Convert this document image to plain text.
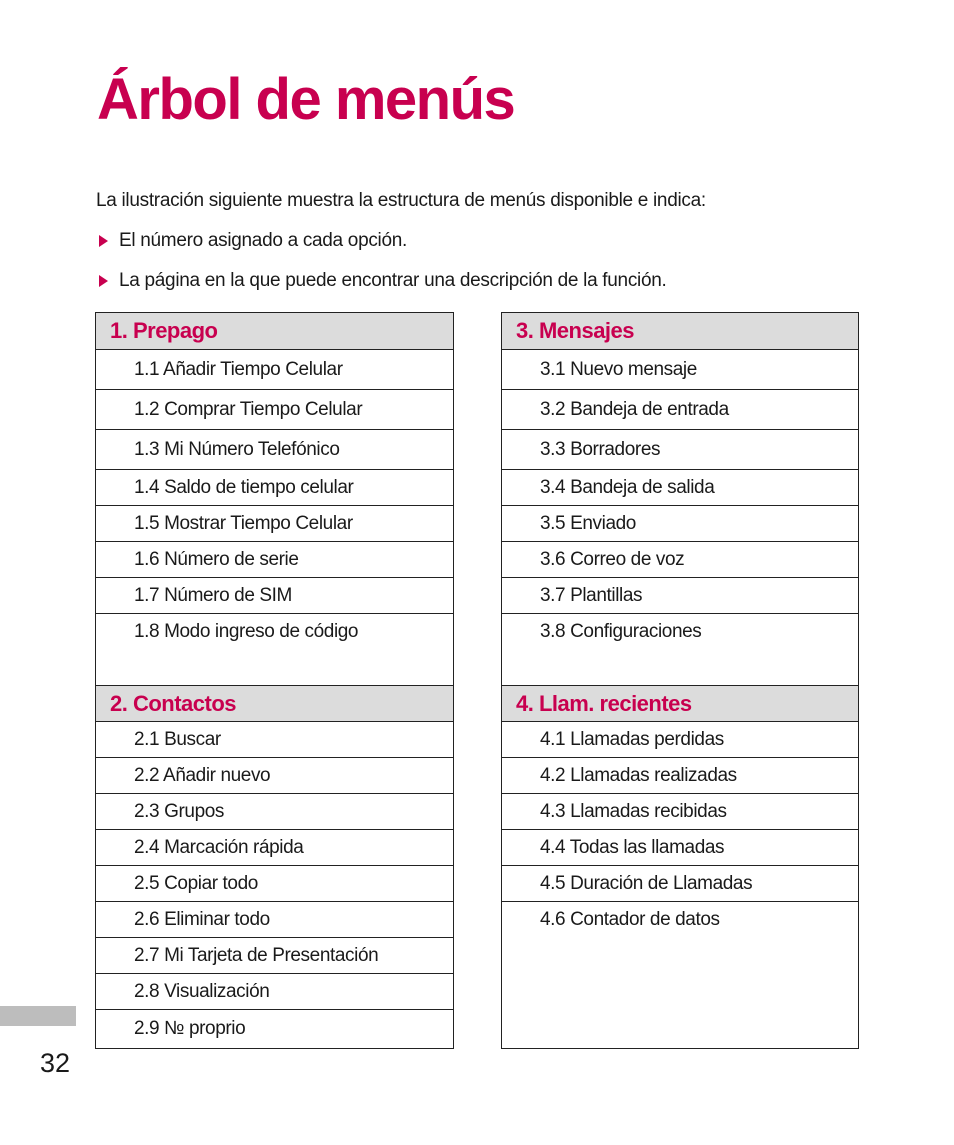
Árbol de menús

La ilustración siguiente muestra la estructura de menús disponible e indica:

El número asignado a cada opción.
La página en la que puede encontrar una descripción de la función.
1. Prepago
1.1 Añadir Tiempo Celular
1.2 Comprar Tiempo Celular
1.3 Mi Número Telefónico
1.4 Saldo de tiempo celular
1.5 Mostrar Tiempo Celular
1.6 Número de serie
1.7 Número de SIM
1.8 Modo ingreso de código
2. Contactos
2.1 Buscar
2.2 Añadir nuevo
2.3 Grupos
2.4 Marcación rápida
2.5 Copiar todo
2.6 Eliminar todo
2.7 Mi Tarjeta de Presentación
2.8 Visualización
2.9 № proprio
3. Mensajes
3.1 Nuevo mensaje
3.2 Bandeja de entrada
3.3 Borradores
3.4 Bandeja de salida
3.5 Enviado
3.6 Correo de voz
3.7 Plantillas
3.8 Configuraciones
4. Llam. recientes
4.1 Llamadas perdidas
4.2 Llamadas realizadas
4.3 Llamadas recibidas
4.4 Todas las llamadas
4.5 Duración de Llamadas
4.6 Contador de datos
32
